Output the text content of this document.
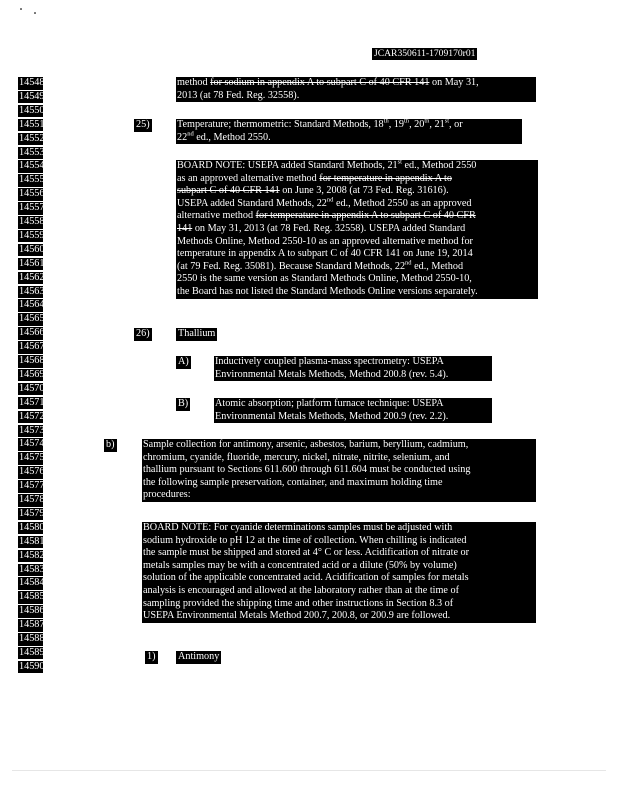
JCAR350611-1709170r01
14548
14549
14550
14551
14552
14553
14554
14555
14556
14557
14558
14559
14560
14561
14562
14563
14564
14565
14566
14567
14568
14569
14570
14571
14572
14573
14574
14575
14576
14577
14578
14579
14580
14581
14582
14583
14584
14585
14586
14587
14588
14589
14590
method for sodium in appendix A to subpart C of 40 CFR 141 on May 31,
2013 (at 78 Fed. Reg. 32558).
25)	Temperature; thermometric: Standard Methods, 18th, 19th, 20th, 21st, or
22nd ed., Method 2550.
BOARD NOTE: USEPA added Standard Methods, 21st ed., Method 2550
as an approved alternative method for temperature in appendix A to
subpart C of 40 CFR 141 on June 3, 2008 (at 73 Fed. Reg. 31616).
USEPA added Standard Methods, 22nd ed., Method 2550 as an approved
alternative method for temperature in appendix A to subpart C of 40 CFR
141 on May 31, 2013 (at 78 Fed. Reg. 32558). USEPA added Standard
Methods Online, Method 2550-10 as an approved alternative method for
temperature in appendix A to subpart C of 40 CFR 141 on June 19, 2014
(at 79 Fed. Reg. 35081). Because Standard Methods, 22nd ed., Method
2550 is the same version as Standard Methods Online, Method 2550-10,
the Board has not listed the Standard Methods Online versions separately.
26)	Thallium
A)	Inductively coupled plasma-mass spectrometry: USEPA
Environmental Metals Methods, Method 200.8 (rev. 5.4).
B)	Atomic absorption; platform furnace technique: USEPA
Environmental Metals Methods, Method 200.9 (rev. 2.2).
b)	Sample collection for antimony, arsenic, asbestos, barium, beryllium, cadmium,
chromium, cyanide, fluoride, mercury, nickel, nitrate, nitrite, selenium, and
thallium pursuant to Sections 611.600 through 611.604 must be conducted using
the following sample preservation, container, and maximum holding time
procedures:
BOARD NOTE: For cyanide determinations samples must be adjusted with
sodium hydroxide to pH 12 at the time of collection. When chilling is indicated
the sample must be shipped and stored at 4° C or less. Acidification of nitrate or
metals samples may be with a concentrated acid or a dilute (50% by volume)
solution of the applicable concentrated acid. Acidification of samples for metals
analysis is encouraged and allowed at the laboratory rather than at the time of
sampling provided the shipping time and other instructions in Section 8.3 of
USEPA Environmental Metals Method 200.7, 200.8, or 200.9 are followed.
1) Antimony
